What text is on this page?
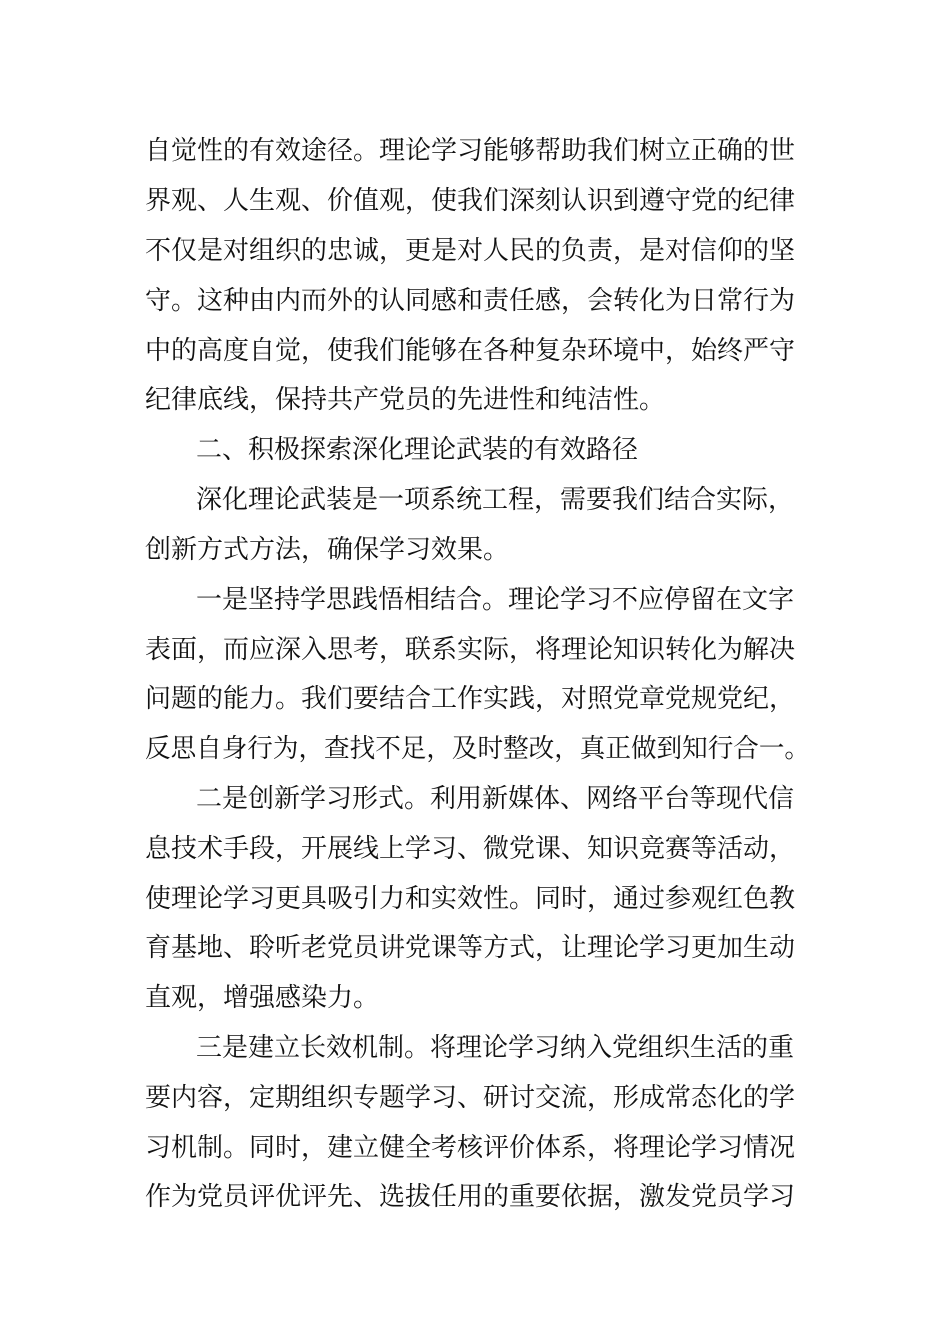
自觉性的有效途径。理论学习能够帮助我们树立正确的世
界观、人生观、价值观，使我们深刻认识到遵守党的纪律
不仅是对组织的忠诚，更是对人民的负责，是对信仰的坚
守。这种由内而外的认同感和责任感，会转化为日常行为
中的高度自觉，使我们能够在各种复杂环境中，始终严守
纪律底线，保持共产党员的先进性和纯洁性。
二、积极探索深化理论武装的有效路径
深化理论武装是一项系统工程，需要我们结合实际，
创新方式方法，确保学习效果。
一是坚持学思践悟相结合。理论学习不应停留在文字
表面，而应深入思考，联系实际，将理论知识转化为解决
问题的能力。我们要结合工作实践，对照党章党规党纪，
反思自身行为，查找不足，及时整改，真正做到知行合一。
二是创新学习形式。利用新媒体、网络平台等现代信
息技术手段，开展线上学习、微党课、知识竞赛等活动，
使理论学习更具吸引力和实效性。同时，通过参观红色教
育基地、聆听老党员讲党课等方式，让理论学习更加生动
直观，增强感染力。
三是建立长效机制。将理论学习纳入党组织生活的重
要内容，定期组织专题学习、研讨交流，形成常态化的学
习机制。同时，建立健全考核评价体系，将理论学习情况
作为党员评优评先、选拔任用的重要依据，激发党员学习
